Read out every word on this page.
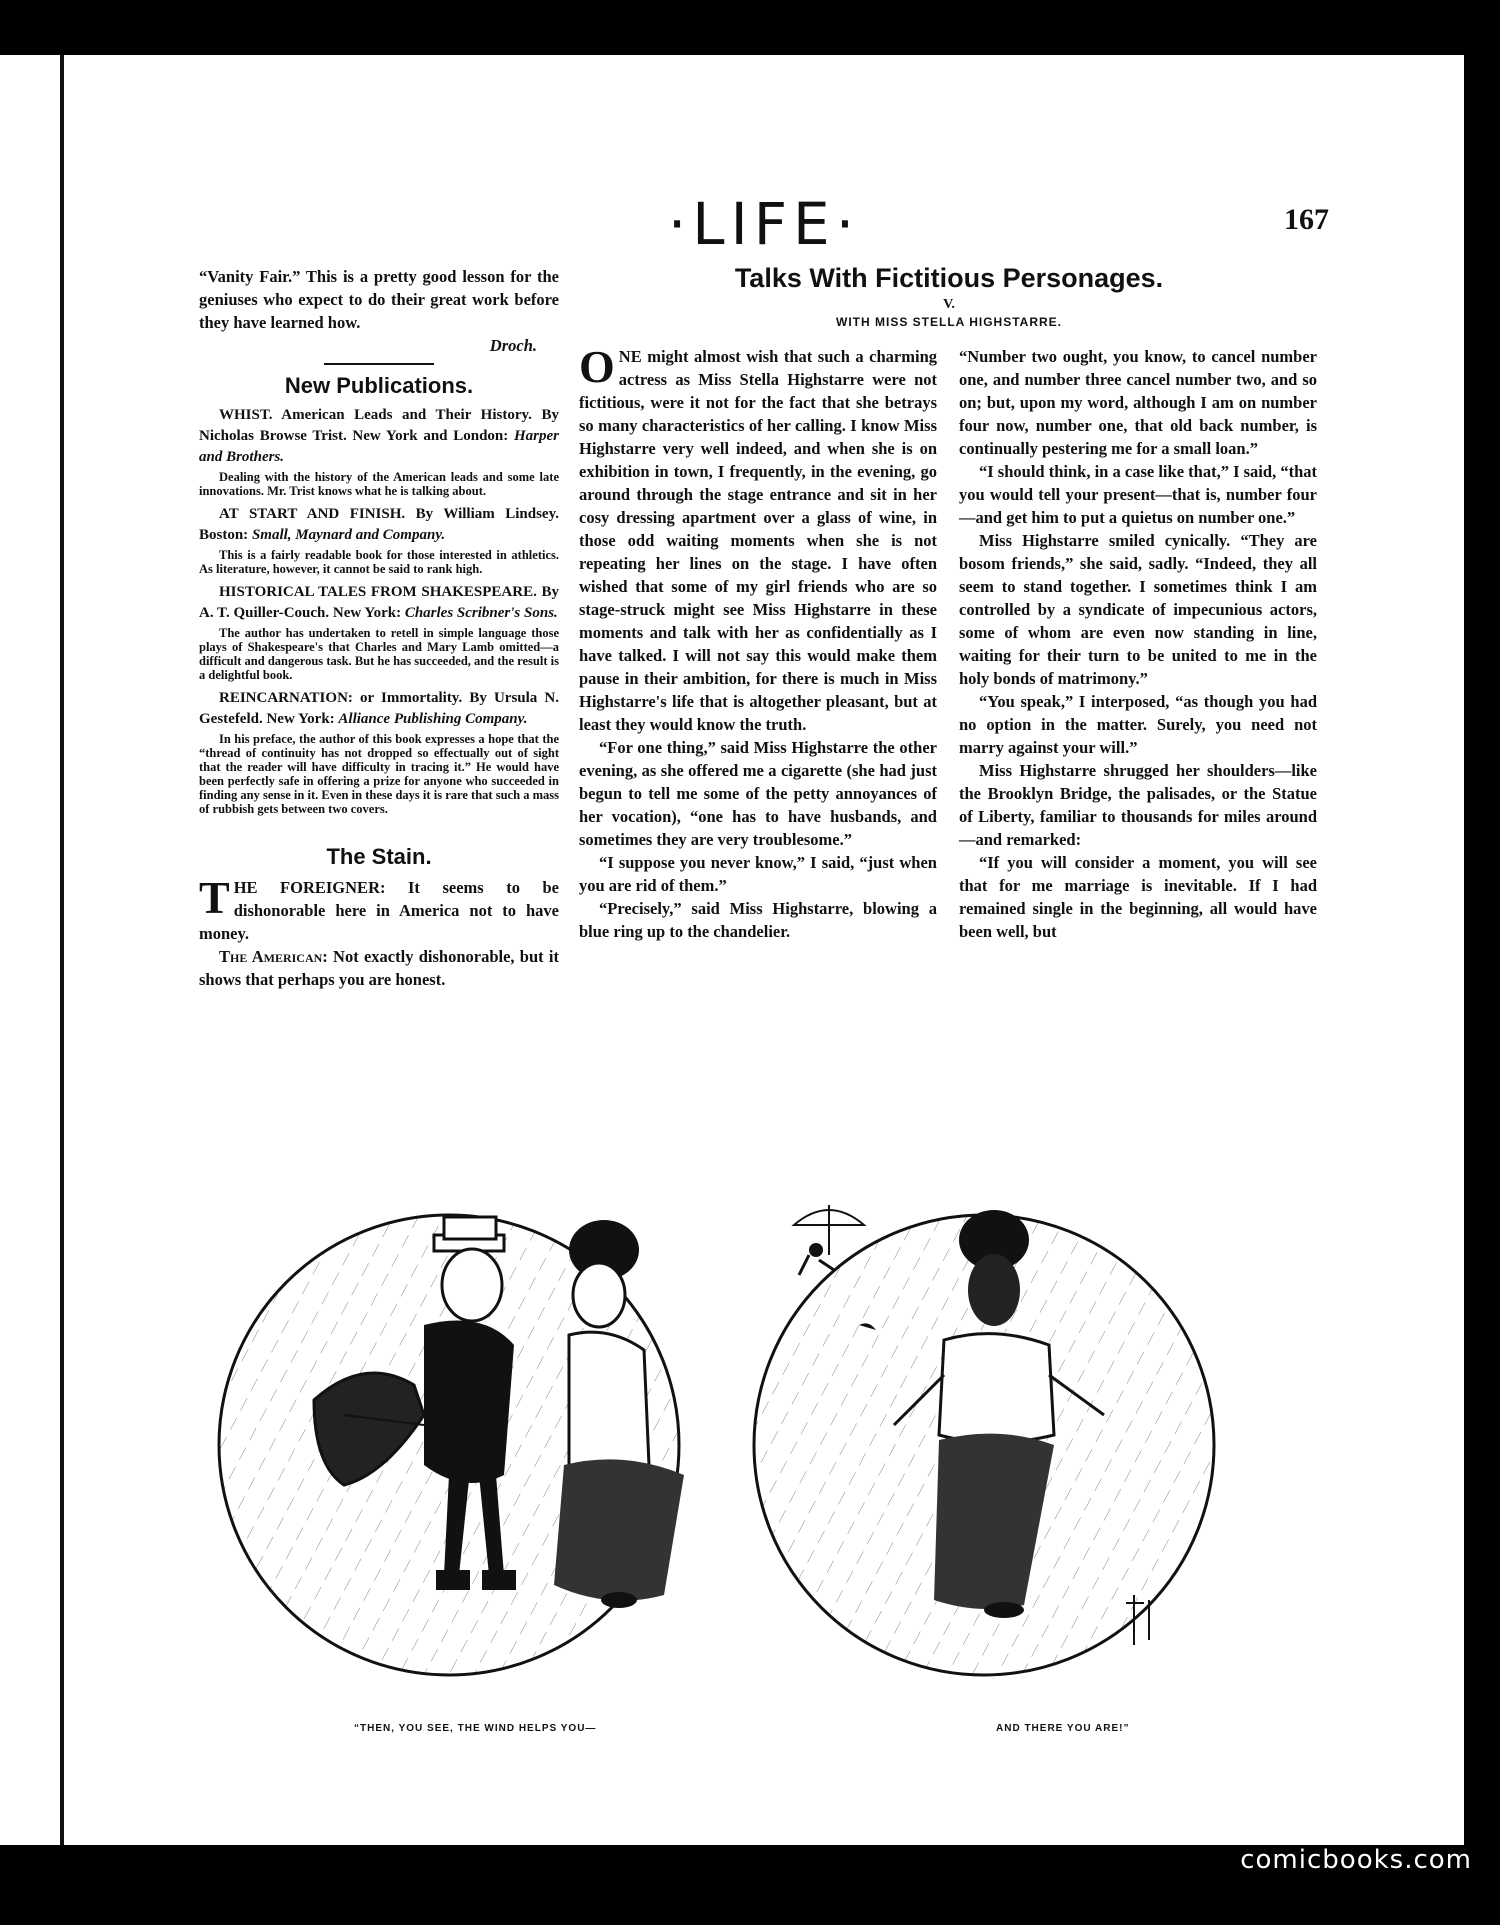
·LIFE·	167

“Vanity Fair.” This is a pretty good lesson for the geniuses who expect to do their great work before they have learned how.

Droch.
New Publications.

WHIST. American Leads and Their History. By Nicholas Browse Trist. New York and London: Harper and Brothers.

Dealing with the history of the American leads and some late innovations. Mr. Trist knows what he is talking about.

AT START AND FINISH. By William Lindsey. Boston: Small, Maynard and Company.

This is a fairly readable book for those interested in athletics. As literature, however, it cannot be said to rank high.

HISTORICAL TALES FROM SHAKESPEARE. By A. T. Quiller-Couch. New York: Charles Scribner's Sons.

The author has undertaken to retell in simple language those plays of Shakespeare's that Charles and Mary Lamb omitted—a difficult and dangerous task. But he has succeeded, and the result is a delightful book.

REINCARNATION: or Immortality. By Ursula N. Gestefeld. New York: Alliance Publishing Company.

In his preface, the author of this book expresses a hope that the “thread of continuity has not dropped so effectually out of sight that the reader will have difficulty in tracing it.” He would have been perfectly safe in offering a prize for anyone who succeeded in finding any sense in it. Even in these days it is rare that such a mass of rubbish gets between two covers.

The Stain.

THE FOREIGNER: It seems to be dishonorable here in America not to have money.

The American: Not exactly dishonorable, but it shows that perhaps you are honest.

Talks With Fictitious Personages.
V.
WITH MISS STELLA HIGHSTARRE.

ONE might almost wish that such a charming actress as Miss Stella Highstarre were not fictitious, were it not for the fact that she betrays so many characteristics of her calling. I know Miss Highstarre very well indeed, and when she is on exhibition in town, I frequently, in the evening, go around through the stage entrance and sit in her cosy dressing apartment over a glass of wine, in those odd waiting moments when she is not repeating her lines on the stage. I have often wished that some of my girl friends who are so stage-struck might see Miss Highstarre in these moments and talk with her as confidentially as I have talked. I will not say this would make them pause in their ambition, for there is much in Miss Highstarre's life that is altogether pleasant, but at least they would know the truth.

“For one thing,” said Miss Highstarre the other evening, as she offered me a cigarette (she had just begun to tell me some of the petty annoyances of her vocation), “one has to have husbands, and sometimes they are very troublesome.”

“I suppose you never know,” I said, “just when you are rid of them.”

“Precisely,” said Miss Highstarre, blowing a blue ring up to the chandelier.

“Number two ought, you know, to cancel number one, and number three cancel number two, and so on; but, upon my word, although I am on number four now, number one, that old back number, is continually pestering me for a small loan.”

“I should think, in a case like that,” I said, “that you would tell your present—that is, number four—and get him to put a quietus on number one.”

Miss Highstarre smiled cynically. “They are bosom friends,” she said, sadly. “Indeed, they all seem to stand together. I sometimes think I am controlled by a syndicate of impecunious actors, some of whom are even now standing in line, waiting for their turn to be united to me in the holy bonds of matrimony.”

“You speak,” I interposed, “as though you had no option in the matter. Surely, you need not marry against your will.”

Miss Highstarre shrugged her shoulders—like the Brooklyn Bridge, the palisades, or the Statue of Liberty, familiar to thousands for miles around—and remarked:

“If you will consider a moment, you will see that for me marriage is inevitable. If I had remained single in the beginning, all would have been well, but

“THEN, YOU SEE, THE WIND HELPS YOU—	AND THERE YOU ARE!”
comicbooks.com
